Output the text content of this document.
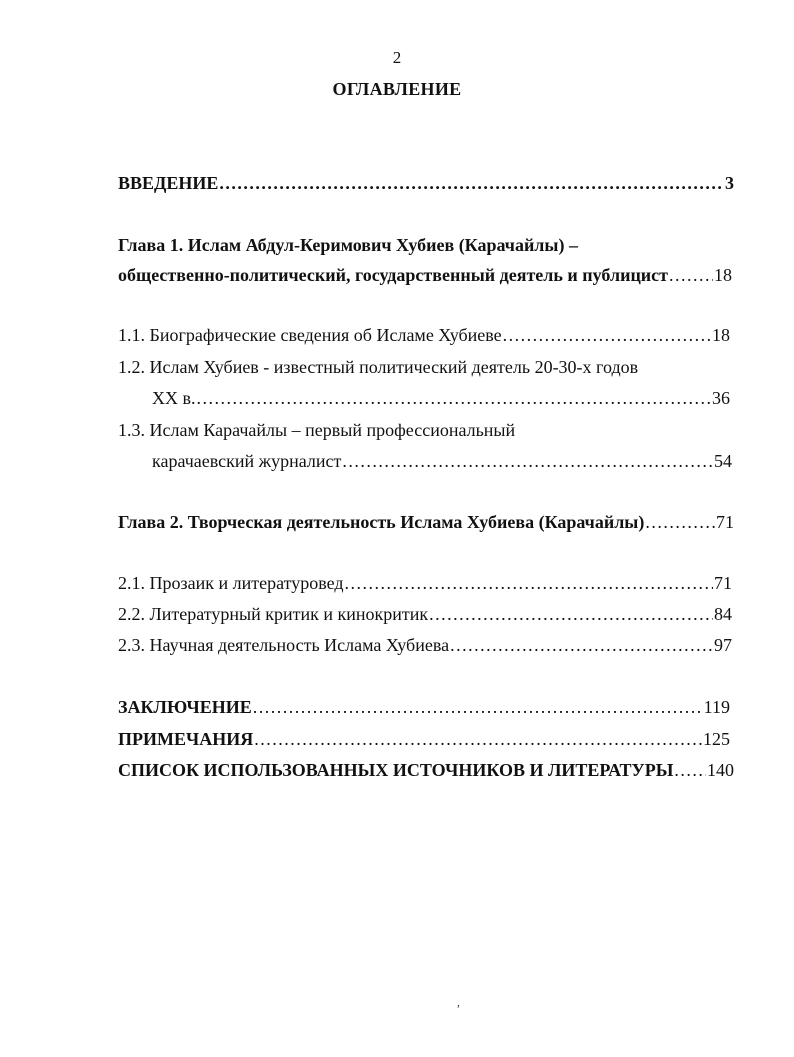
2
ОГЛАВЛЕНИЕ
ВВЕДЕНИЕ .....	3
Глава 1. Ислам Абдул-Керимович Хубиев (Карачайлы) –
общественно-политический, государственный деятель и публицист .....	18
1.1. Биографические сведения об Исламе Хубиеве .....	18
1.2. Ислам Хубиев - известный политический деятель 20-30-х годов
XX в. .....	36
1.3. Ислам Карачайлы – первый профессиональный
карачаевский журналист .....	54
Глава 2. Творческая деятельность Ислама Хубиева (Карачайлы) .....	71
2.1. Прозаик и литературовед .....	71
2.2. Литературный критик и кинокритик .....	84
2.3. Научная деятельность Ислама Хубиева .....	97
ЗАКЛЮЧЕНИЕ .....	119
ПРИМЕЧАНИЯ .....	125
СПИСОК ИСПОЛЬЗОВАННЫХ ИСТОЧНИКОВ И ЛИТЕРАТУРЫ ..... 140
,
